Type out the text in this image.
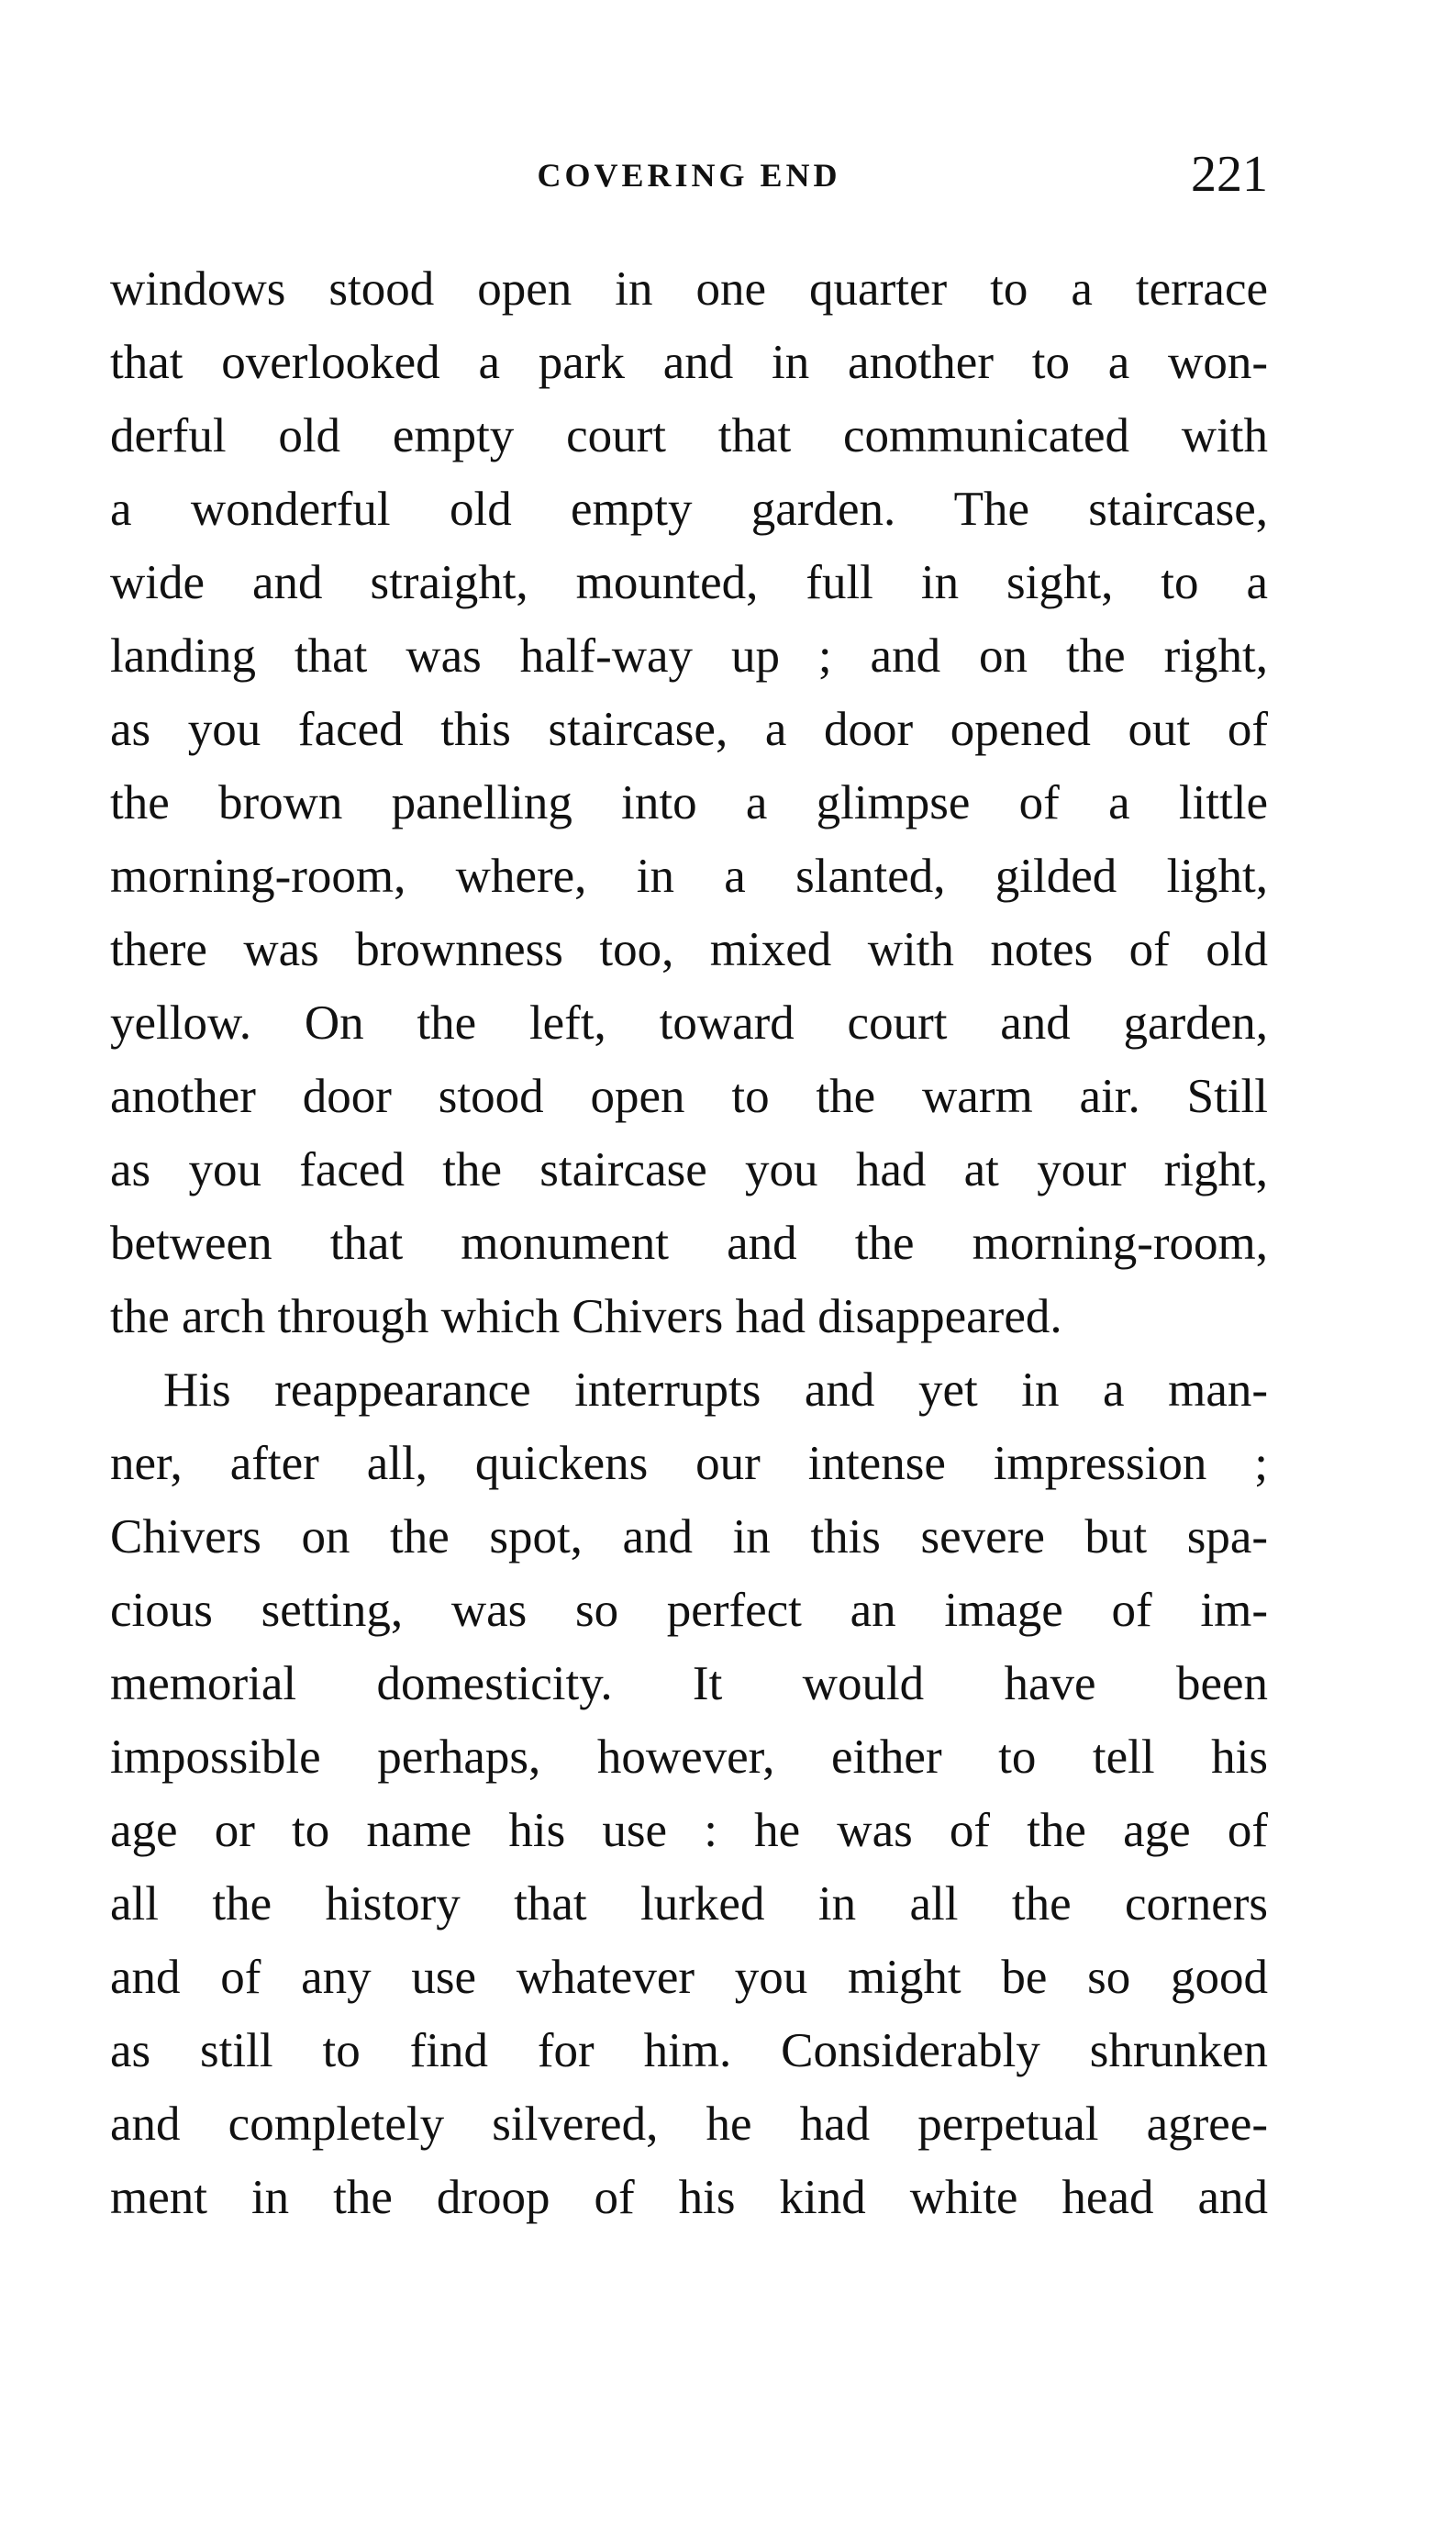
COVERING END	221
windows stood open in one quarter to a terrace
that overlooked a park and in another to a won-
derful old empty court that communicated with
a wonderful old empty garden. The staircase,
wide and straight, mounted, full in sight, to a
landing that was half-way up ; and on the right,
as you faced this staircase, a door opened out of
the brown panelling into a glimpse of a little
morning-room, where, in a slanted, gilded light,
there was brownness too, mixed with notes of old
yellow. On the left, toward court and garden,
another door stood open to the warm air. Still
as you faced the staircase you had at your right,
between that monument and the morning-room,
the arch through which Chivers had disappeared.
His reappearance interrupts and yet in a man-
ner, after all, quickens our intense impression ;
Chivers on the spot, and in this severe but spa-
cious setting, was so perfect an image of im-
memorial domesticity. It would have been
impossible perhaps, however, either to tell his
age or to name his use : he was of the age of
all the history that lurked in all the corners
and of any use whatever you might be so good
as still to find for him. Considerably shrunken
and completely silvered, he had perpetual agree-
ment in the droop of his kind white head and
